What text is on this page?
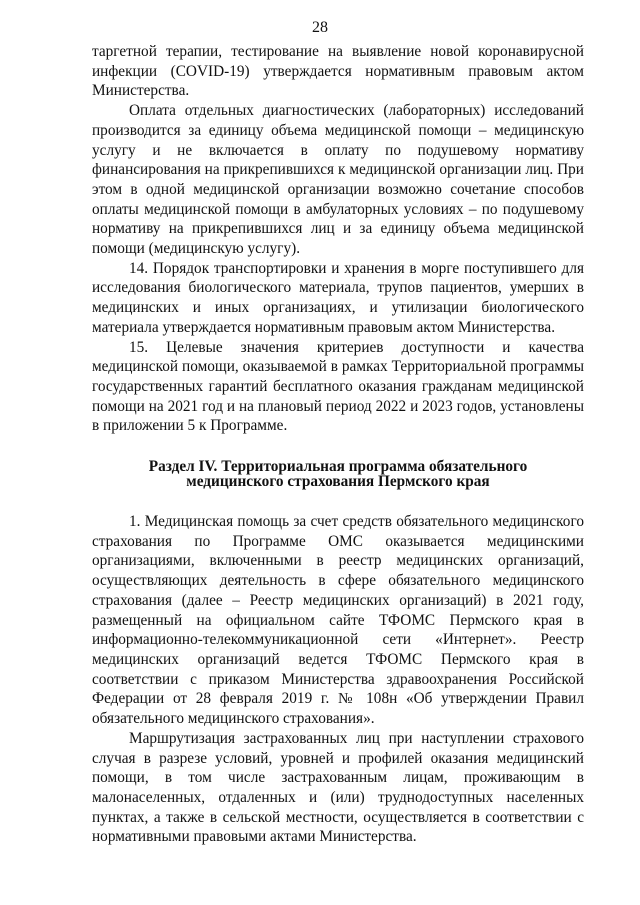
28

таргетной терапии, тестирование на выявление новой коронавирусной инфекции (COVID-19) утверждается нормативным правовым актом Министерства.

Оплата отдельных диагностических (лабораторных) исследований производится за единицу объема медицинской помощи – медицинскую услугу и не включается в оплату по подушевому нормативу финансирования на прикрепившихся к медицинской организации лиц. При этом в одной медицинской организации возможно сочетание способов оплаты медицинской помощи в амбулаторных условиях – по подушевому нормативу на прикрепившихся лиц и за единицу объема медицинской помощи (медицинскую услугу).

14. Порядок транспортировки и хранения в морге поступившего для исследования биологического материала, трупов пациентов, умерших в медицинских и иных организациях, и утилизации биологического материала утверждается нормативным правовым актом Министерства.

15. Целевые значения критериев доступности и качества медицинской помощи, оказываемой в рамках Территориальной программы государственных гарантий бесплатного оказания гражданам медицинской помощи на 2021 год и на плановый период 2022 и 2023 годов, установлены в приложении 5 к Программе.

Раздел IV. Территориальная программа обязательного медицинского страхования Пермского края

1. Медицинская помощь за счет средств обязательного медицинского страхования по Программе ОМС оказывается медицинскими организациями, включенными в реестр медицинских организаций, осуществляющих деятельность в сфере обязательного медицинского страхования (далее – Реестр медицинских организаций) в 2021 году, размещенный на официальном сайте ТФОМС Пермского края в информационно-телекоммуникационной сети «Интернет». Реестр медицинских организаций ведется ТФОМС Пермского края в соответствии с приказом Министерства здравоохранения Российской Федерации от 28 февраля 2019 г. № 108н «Об утверждении Правил обязательного медицинского страхования».

Маршрутизация застрахованных лиц при наступлении страхового случая в разрезе условий, уровней и профилей оказания медицинский помощи, в том числе застрахованным лицам, проживающим в малонаселенных, отдаленных и (или) труднодоступных населенных пунктах, а также в сельской местности, осуществляется в соответствии с нормативными правовыми актами Министерства.
